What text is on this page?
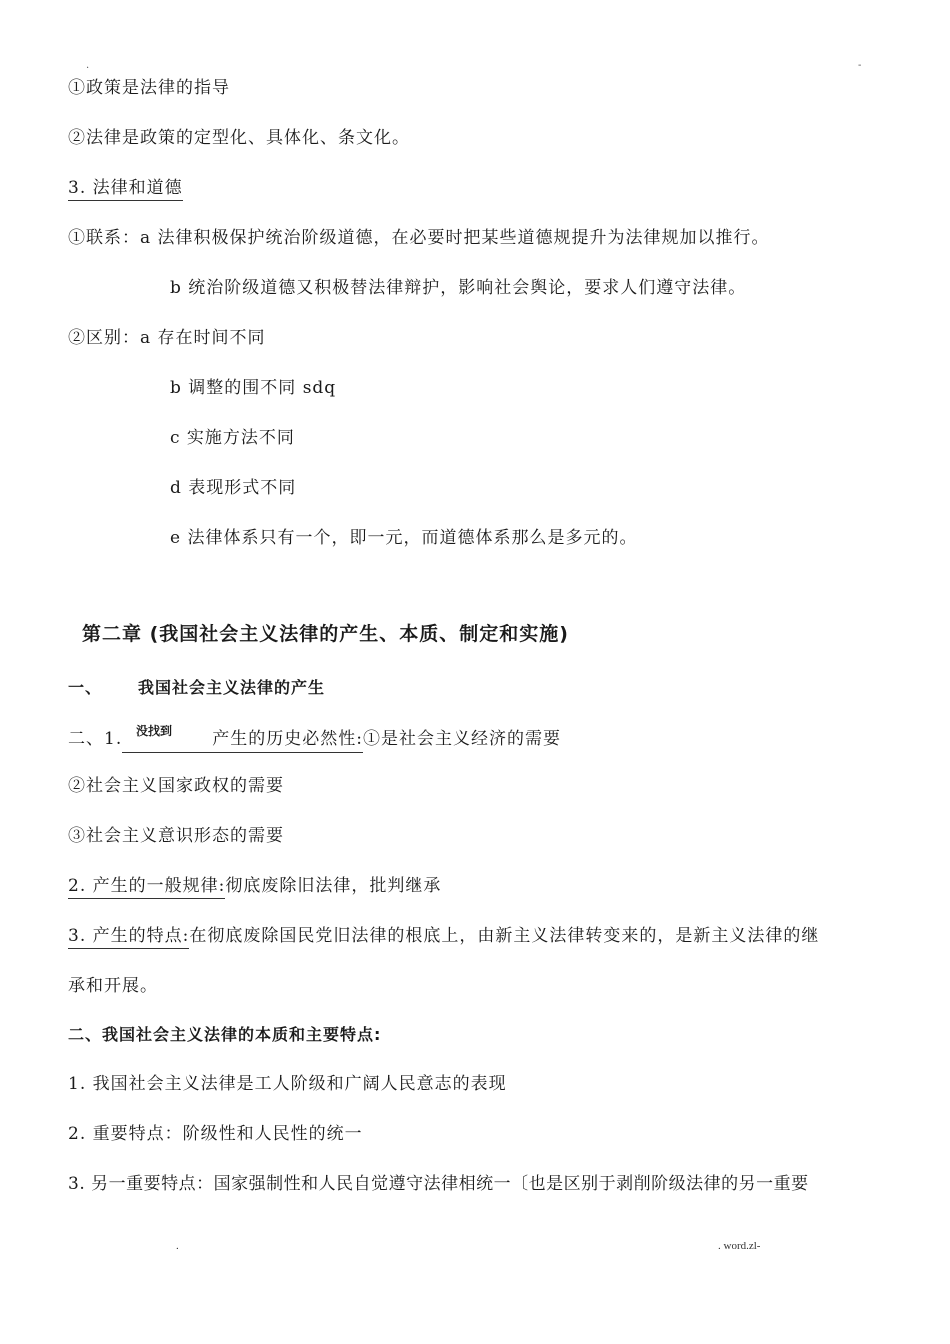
.	-
①政策是法律的指导
②法律是政策的定型化、具体化、条文化。
3. 法律和道德
①联系：a 法律积极保护统治阶级道德，在必要时把某些道德规提升为法律规加以推行。
b 统治阶级道德又积极替法律辩护，影响社会舆论，要求人们遵守法律。
②区别：a 存在时间不同
b 调整的围不同 sdq
c 实施方法不同
d 表现形式不同
e 法律体系只有一个，即一元，而道德体系那么是多元的。
第二章 (我国社会主义法律的产生、本质、制定和实施)
一、 我国社会主义法律的产生
二、1.	产生的历史必然性:①是社会主义经济的需要
没找到
②社会主义国家政权的需要
③社会主义意识形态的需要
2. 产生的一般规律:彻底废除旧法律，批判继承
3. 产生的特点:在彻底废除国民党旧法律的根底上，由新主义法律转变来的，是新主义法律的继
承和开展。
二、我国社会主义法律的本质和主要特点:
1. 我国社会主义法律是工人阶级和广阔人民意志的表现
2. 重要特点：阶级性和人民性的统一
3. 另一重要特点：国家强制性和人民自觉遵守法律相统一〔也是区别于剥削阶级法律的另一重要
.	. word.zl-
